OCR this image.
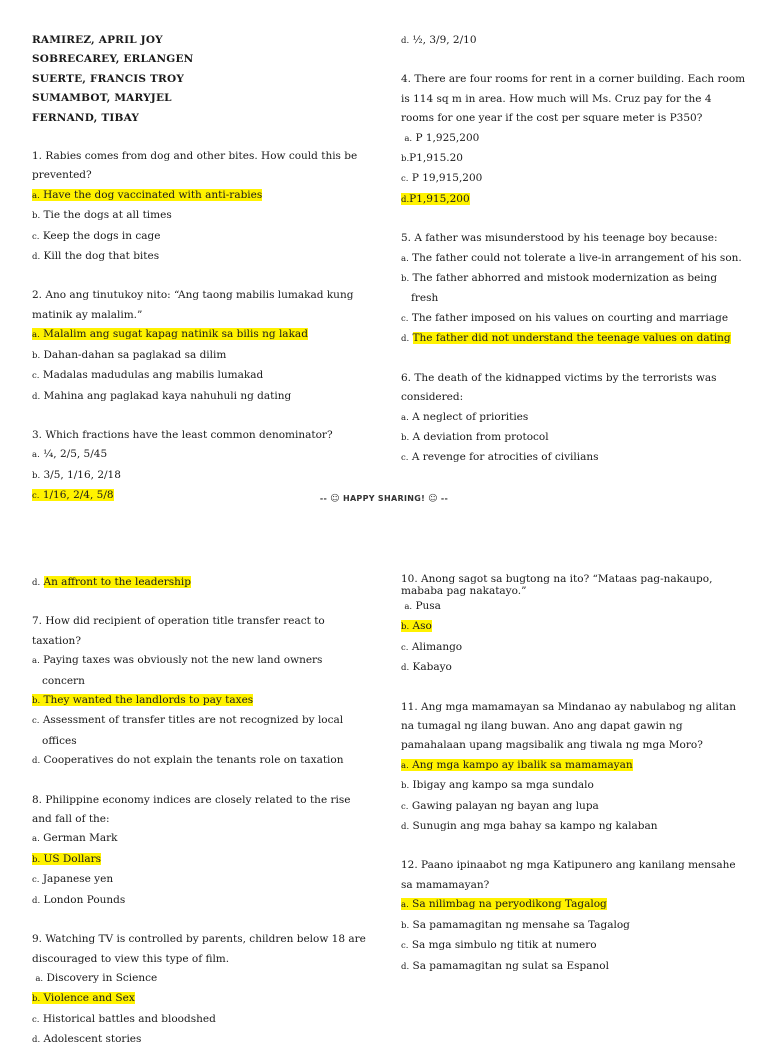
RAMIREZ, APRIL JOY
SOBRECAREY, ERLANGEN
SUERTE, FRANCIS TROY
SUMAMBOT, MARYJEL
FERNAND, TIBAY
1. Rabies comes from dog and other bites. How could this be prevented?
a. Have the dog vaccinated with anti-rabies
b. Tie the dogs at all times
c. Keep the dogs in cage
d. Kill the dog that bites
2. Ano ang tinutukoy nito: “Ang taong mabilis lumakad kung matinik ay malalim.”
a. Malalim ang sugat kapag natinik sa bilis ng lakad
b. Dahan-dahan sa paglakad sa dilim
c. Madalas madudulas ang mabilis lumakad
d. Mahina ang paglakad kaya nahuhuli ng dating
3. Which fractions have the least common denominator?
a. ¼, 2/5, 5/45
b. 3/5, 1/16, 2/18
c. 1/16, 2/4, 5/8
d. ½, 3/9, 2/10
4. There are four rooms for rent in a corner building. Each room is 114 sq m in area. How much will Ms. Cruz pay for the 4 rooms for one year if the cost per square meter is P350?
a. P 1,925,200
b.P1,915.20
c. P 19,915,200
d.P1,915,200
5. A father was misunderstood by his teenage boy because:
a. The father could not tolerate a live-in arrangement of his son.
b. The father abhorred and mistook modernization as being fresh
c. The father imposed on his values on courting and marriage
d. The father did not understand the teenage values on dating
6. The death of the kidnapped victims by the terrorists was considered:
a. A neglect of priorities
b. A deviation from protocol
c. A revenge for atrocities of civilians
-- ☺ HAPPY SHARING! ☺ --
d. An affront to the leadership
7. How did recipient of operation title transfer react to taxation?
a. Paying taxes was obviously not the new land owners concern
b. They wanted the landlords to pay taxes
c. Assessment of transfer titles are not recognized by local offices
d. Cooperatives do not explain the tenants role on taxation
8. Philippine economy indices are closely related to the rise and fall of the:
a. German Mark
b. US Dollars
c. Japanese yen
d. London Pounds
9. Watching TV is controlled by parents, children below 18 are discouraged to view this type of film.
a. Discovery in Science
b. Violence and Sex
c. Historical battles and bloodshed
d. Adolescent stories
10. Anong sagot sa bugtong na ito? “Mataas pag-nakaupo, mababa pag nakatayo.”
a. Pusa
b. Aso
c. Alimango
d. Kabayo
11. Ang mga mamamayan sa Mindanao ay nabulabog ng alitan na tumagal ng ilang buwan. Ano ang dapat gawin ng pamahalaan upang magsibalik ang tiwala ng mga Moro?
a. Ang mga kampo ay ibalik sa mamamayan
b. Ibigay ang kampo sa mga sundalo
c. Gawing palayan ng bayan ang lupa
d. Sunugin ang mga bahay sa kampo ng kalaban
12. Paano ipinaabot ng mga Katipunero ang kanilang mensahe sa mamamayan?
a. Sa nilimbag na peryodikong Tagalog
b. Sa pamamagitan ng mensahe sa Tagalog
c. Sa mga simbulo ng titik at numero
d. Sa pamamagitan ng sulat sa Espanol
